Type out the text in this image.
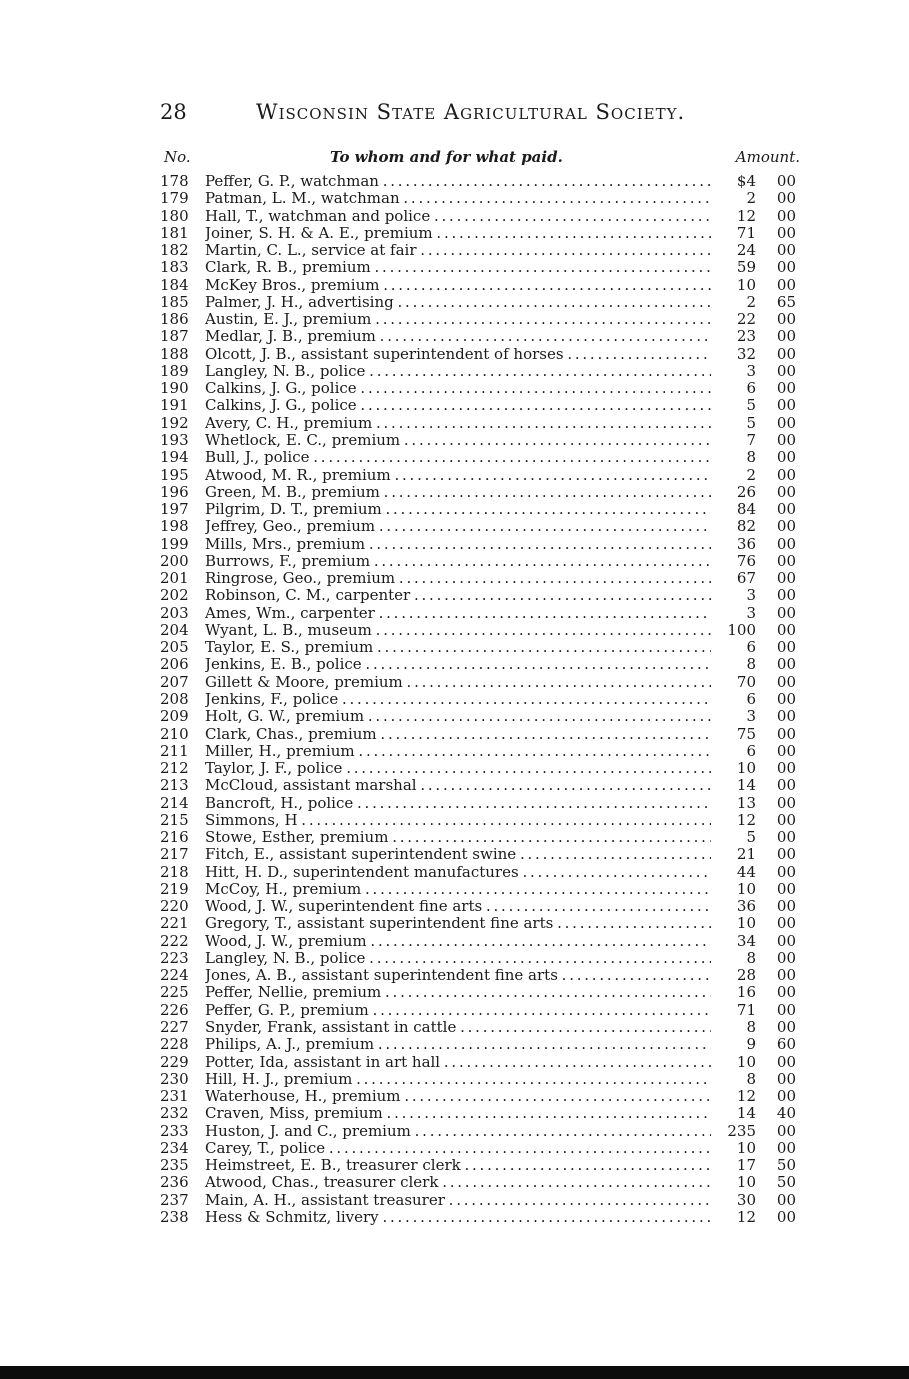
28	Wisconsin State Agricultural Society.
No.	To whom and for what paid.	Amount.
178 Peffer, G. P., watchman . . .	$4	00
179 Patman, L. M., watchman . . .	2	00
180 Hall, T., watchman and police . . .	12	00
181 Joiner, S. H. & A. E., premium . . .	71	00
182 Martin, C. L., service at fair . . .	24	00
183 Clark, R. B., premium . . .	59	00
184 McKey Bros., premium . . .	10	00
185 Palmer, J. H., advertising . . .	2	65
186 Austin, E. J., premium . . .	22	00
187 Medlar, J. B., premium . . .	23	00
188 Olcott, J. B., assistant superintendent of horses . . .	32	00
189 Langley, N. B., police . . .	3	00
190 Calkins, J. G., police . . .	6	00
191 Calkins, J. G., police . . .	5	00
192 Avery, C. H., premium . . .	5	00
193 Whetlock, E. C., premium . . .	7	00
194 Bull, J., police . . .	8	00
195 Atwood, M. R., premium . . .	2	00
196 Green, M. B., premium . . .	26	00
197 Pilgrim, D. T., premium . . .	84	00
198 Jeffrey, Geo., premium . . .	82	00
199 Mills, Mrs., premium . . .	36	00
200 Burrows, F., premium . . .	76	00
201 Ringrose, Geo., premium . . .	67	00
202 Robinson, C. M., carpenter . . .	3	00
203 Ames, Wm., carpenter . . .	3	00
204 Wyant, L. B., museum . . .	100	00
205 Taylor, E. S., premium . . .	6	00
206 Jenkins, E. B., police . . .	8	00
207 Gillett & Moore, premium . . .	70	00
208 Jenkins, F., police . . .	6	00
209 Holt, G. W., premium . . .	3	00
210 Clark, Chas., premium . . .	75	00
211 Miller, H., premium . . .	6	00
212 Taylor, J. F., police . . .	10	00
213 McCloud, assistant marshal . . .	14	00
214 Bancroft, H., police . . .	13	00
215 Simmons, H . . .	12	00
216 Stowe, Esther, premium . . .	5	00
217 Fitch, E., assistant superintendent swine . . .	21	00
218 Hitt, H. D., superintendent manufactures . . .	44	00
219 McCoy, H., premium . . .	10	00
220 Wood, J. W., superintendent fine arts . . .	36	00
221 Gregory, T., assistant superintendent fine arts . . .	10	00
222 Wood, J. W., premium . . .	34	00
223 Langley, N. B., police . . .	8	00
224 Jones, A. B., assistant superintendent fine arts . . .	28	00
225 Peffer, Nellie, premium . . .	16	00
226 Peffer, G. P., premium . . .	71	00
227 Snyder, Frank, assistant in cattle . . .	8	00
228 Philips, A. J., premium . . .	9	60
229 Potter, Ida, assistant in art hall . . .	10	00
230 Hill, H. J., premium . . .	8	00
231 Waterhouse, H., premium . . .	12	00
232 Craven, Miss, premium . . .	14	40
233 Huston, J. and C., premium . . .	235	00
234 Carey, T., police . . .	10	00
235 Heimstreet, E. B., treasurer clerk . . .	17	50
236 Atwood, Chas., treasurer clerk . . .	10	50
237 Main, A. H., assistant treasurer . . .	30	00
238 Hess & Schmitz, livery . . .	12	00
